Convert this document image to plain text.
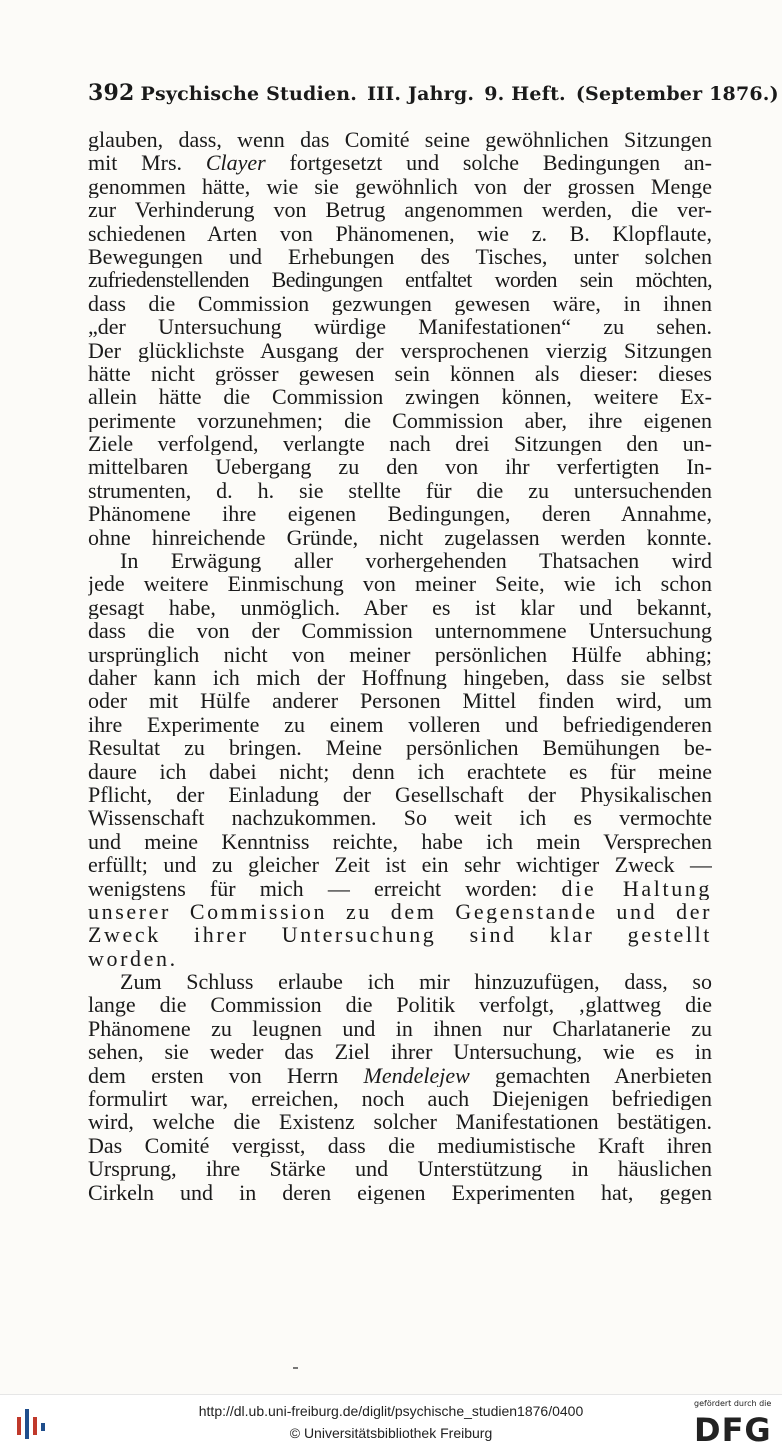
392 Psychische Studien. III. Jahrg. 9. Heft. (September 1876.)
glauben, dass, wenn das Comité seine gewöhnlichen Sitzungen
mit Mrs. Clayer fortgesetzt und solche Bedingungen an-
genommen hätte, wie sie gewöhnlich von der grossen Menge
zur Verhinderung von Betrug angenommen werden, die ver-
schiedenen Arten von Phänomenen, wie z. B. Klopflaute,
Bewegungen und Erhebungen des Tisches, unter solchen
zufriedenstellenden Bedingungen entfaltet worden sein möchten,
dass die Commission gezwungen gewesen wäre, in ihnen
„der Untersuchung würdige Manifestationen“ zu sehen.
Der glücklichste Ausgang der versprochenen vierzig Sitzungen
hätte nicht grösser gewesen sein können als dieser: dieses
allein hätte die Commission zwingen können, weitere Ex-
perimente vorzunehmen; die Commission aber, ihre eigenen
Ziele verfolgend, verlangte nach drei Sitzungen den un-
mittelbaren Uebergang zu den von ihr verfertigten In-
strumenten, d. h. sie stellte für die zu untersuchenden
Phänomene ihre eigenen Bedingungen, deren Annahme,
ohne hinreichende Gründe, nicht zugelassen werden konnte.
In Erwägung aller vorhergehenden Thatsachen wird
jede weitere Einmischung von meiner Seite, wie ich schon
gesagt habe, unmöglich. Aber es ist klar und bekannt,
dass die von der Commission unternommene Untersuchung
ursprünglich nicht von meiner persönlichen Hülfe abhing;
daher kann ich mich der Hoffnung hingeben, dass sie selbst
oder mit Hülfe anderer Personen Mittel finden wird, um
ihre Experimente zu einem volleren und befriedigenderen
Resultat zu bringen. Meine persönlichen Bemühungen be-
daure ich dabei nicht; denn ich erachtete es für meine
Pflicht, der Einladung der Gesellschaft der Physikalischen
Wissenschaft nachzukommen. So weit ich es vermochte
und meine Kenntniss reichte, habe ich mein Versprechen
erfüllt; und zu gleicher Zeit ist ein sehr wichtiger Zweck —
wenigstens für mich — erreicht worden: die Haltung
unserer Commission zu dem Gegenstande und der
Zweck ihrer Untersuchung sind klar gestellt
worden.
Zum Schluss erlaube ich mir hinzuzufügen, dass, so
lange die Commission die Politik verfolgt, ‚glattweg die
Phänomene zu leugnen und in ihnen nur Charlatanerie zu
sehen, sie weder das Ziel ihrer Untersuchung, wie es in
dem ersten von Herrn Mendelejew gemachten Anerbieten
formulirt war, erreichen, noch auch Diejenigen befriedigen
wird, welche die Existenz solcher Manifestationen bestätigen.
Das Comité vergisst, dass die mediumistische Kraft ihren
Ursprung, ihre Stärke und Unterstützung in häuslichen
Cirkeln und in deren eigenen Experimenten hat, gegen
http://dl.ub.uni-freiburg.de/diglit/psychische_studien1876/0400
© Universitätsbibliothek Freiburg
gefördert durch die
DFG
